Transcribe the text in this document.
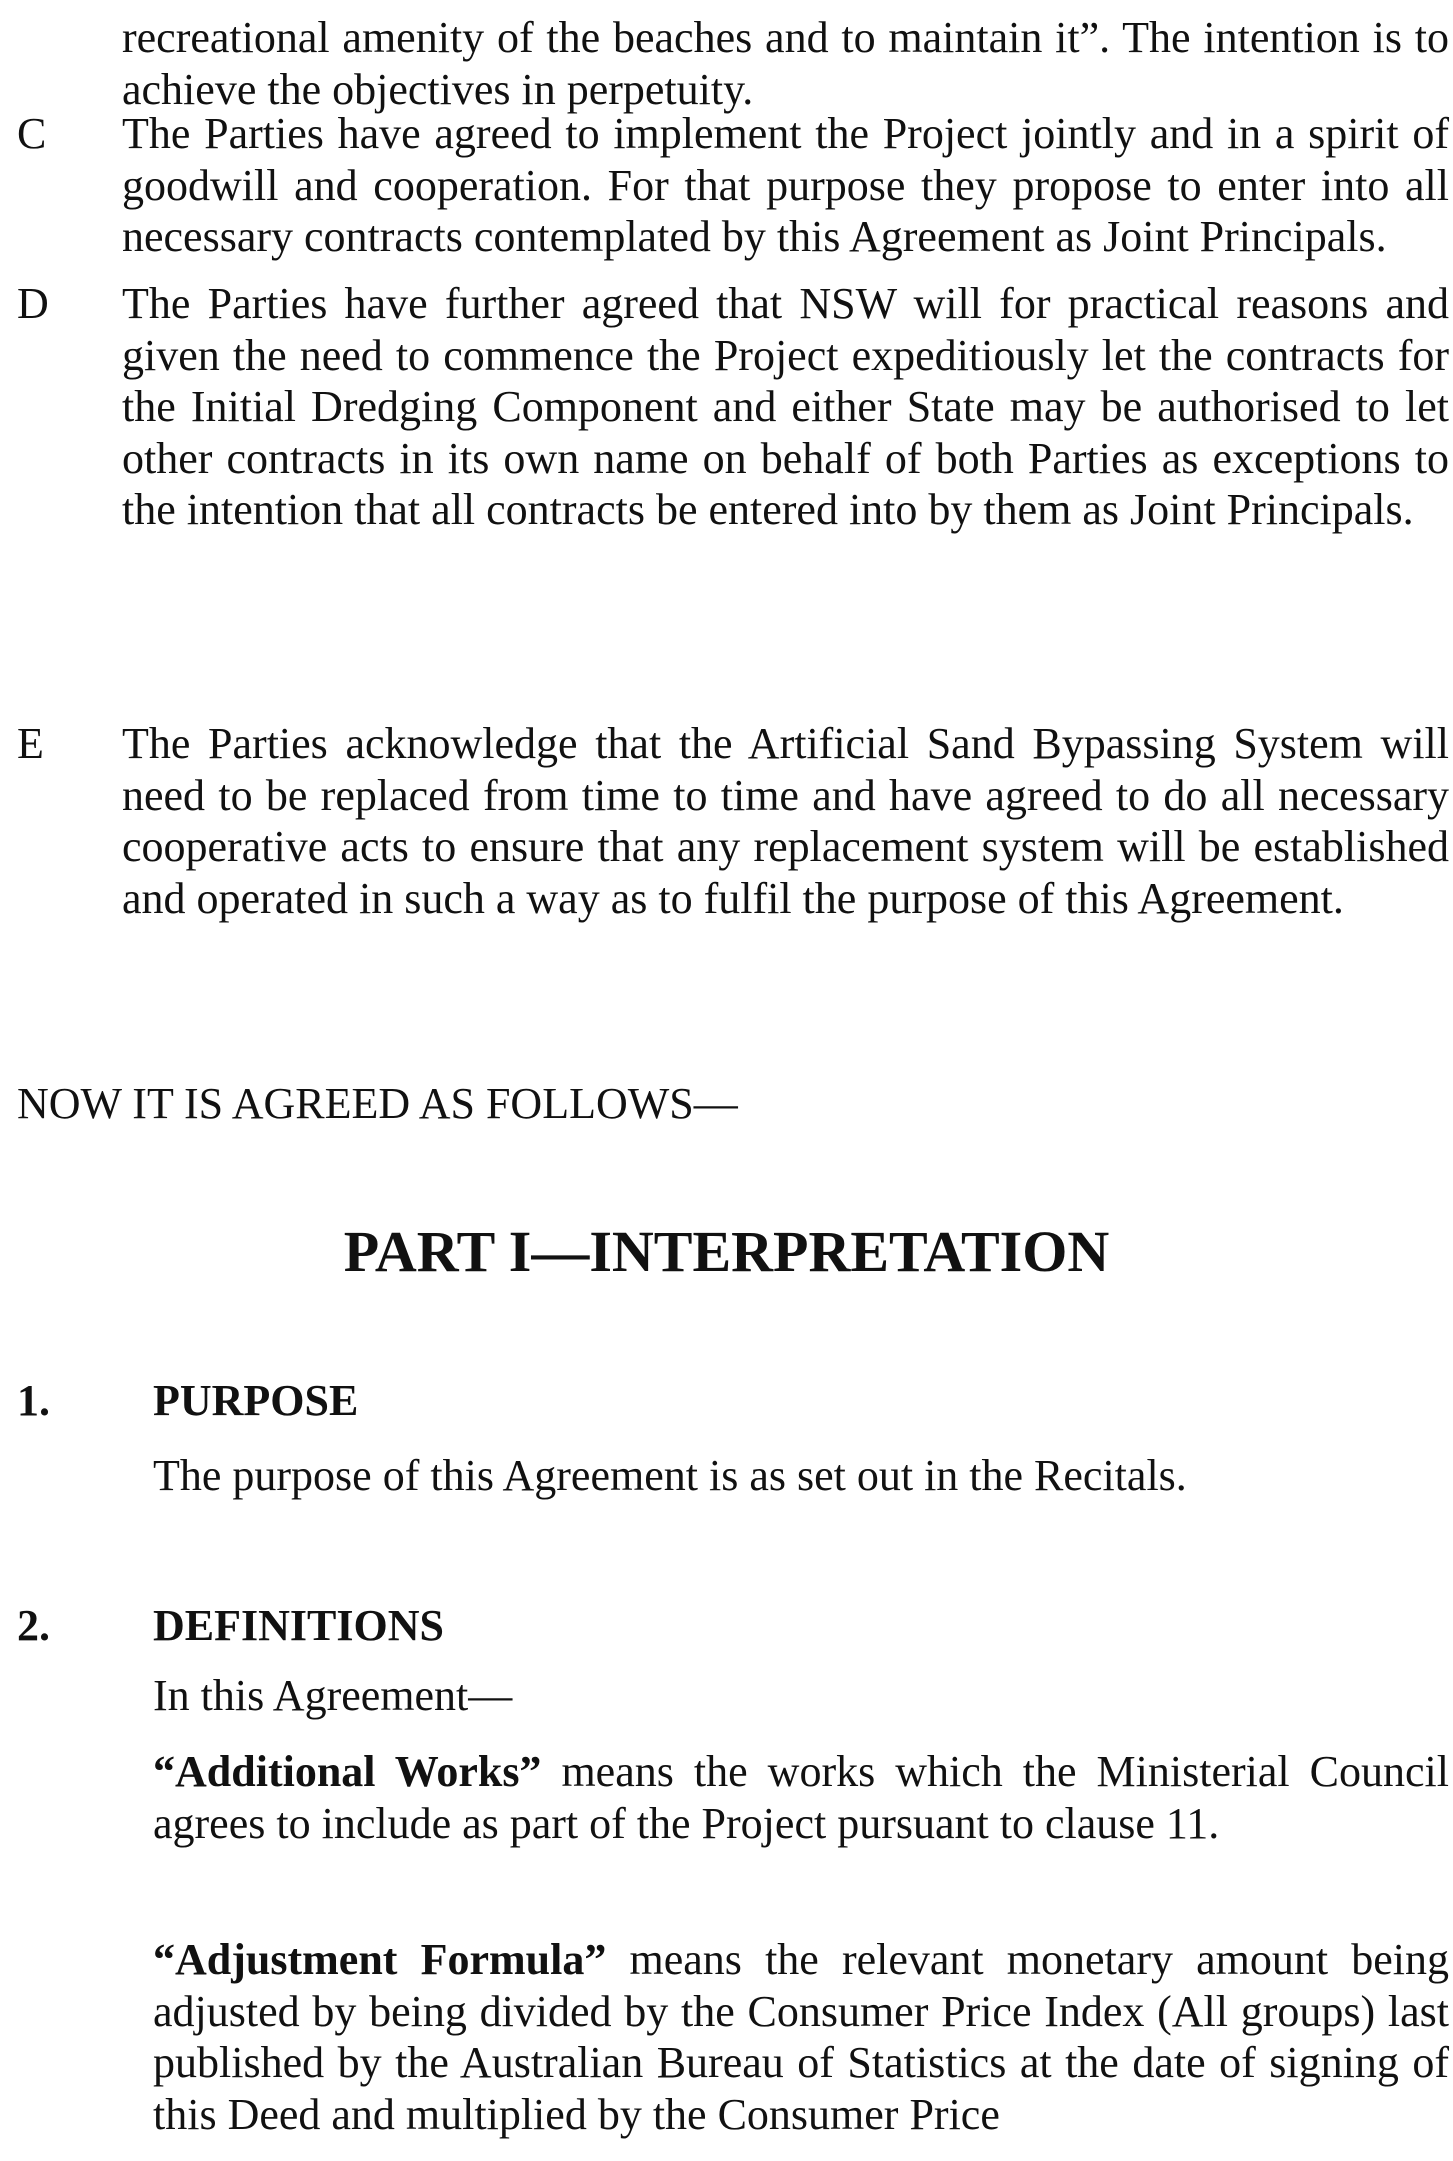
recreational amenity of the beaches and to maintain it”. The intention is to achieve the objectives in perpetuity.

C	The Parties have agreed to implement the Project jointly and in a spirit of goodwill and cooperation. For that purpose they propose to enter into all necessary contracts contemplated by this Agreement as Joint Principals.

D	The Parties have further agreed that NSW will for practical reasons and given the need to commence the Project expeditiously let the contracts for the Initial Dredging Component and either State may be authorised to let other contracts in its own name on behalf of both Parties as exceptions to the intention that all contracts be entered into by them as Joint Principals.

E	The Parties acknowledge that the Artificial Sand Bypassing System will need to be replaced from time to time and have agreed to do all necessary cooperative acts to ensure that any replacement system will be established and operated in such a way as to fulfil the purpose of this Agreement.

NOW IT IS AGREED AS FOLLOWS—

PART I—INTERPRETATION
1. PURPOSE

The purpose of this Agreement is as set out in the Recitals.

2. DEFINITIONS

In this Agreement—

“Additional Works” means the works which the Ministerial Council agrees to include as part of the Project pursuant to clause 11.

“Adjustment Formula” means the relevant monetary amount being adjusted by being divided by the Consumer Price Index (All groups) last published by the Australian Bureau of Statistics at the date of signing of this Deed and multiplied by the Consumer Price
